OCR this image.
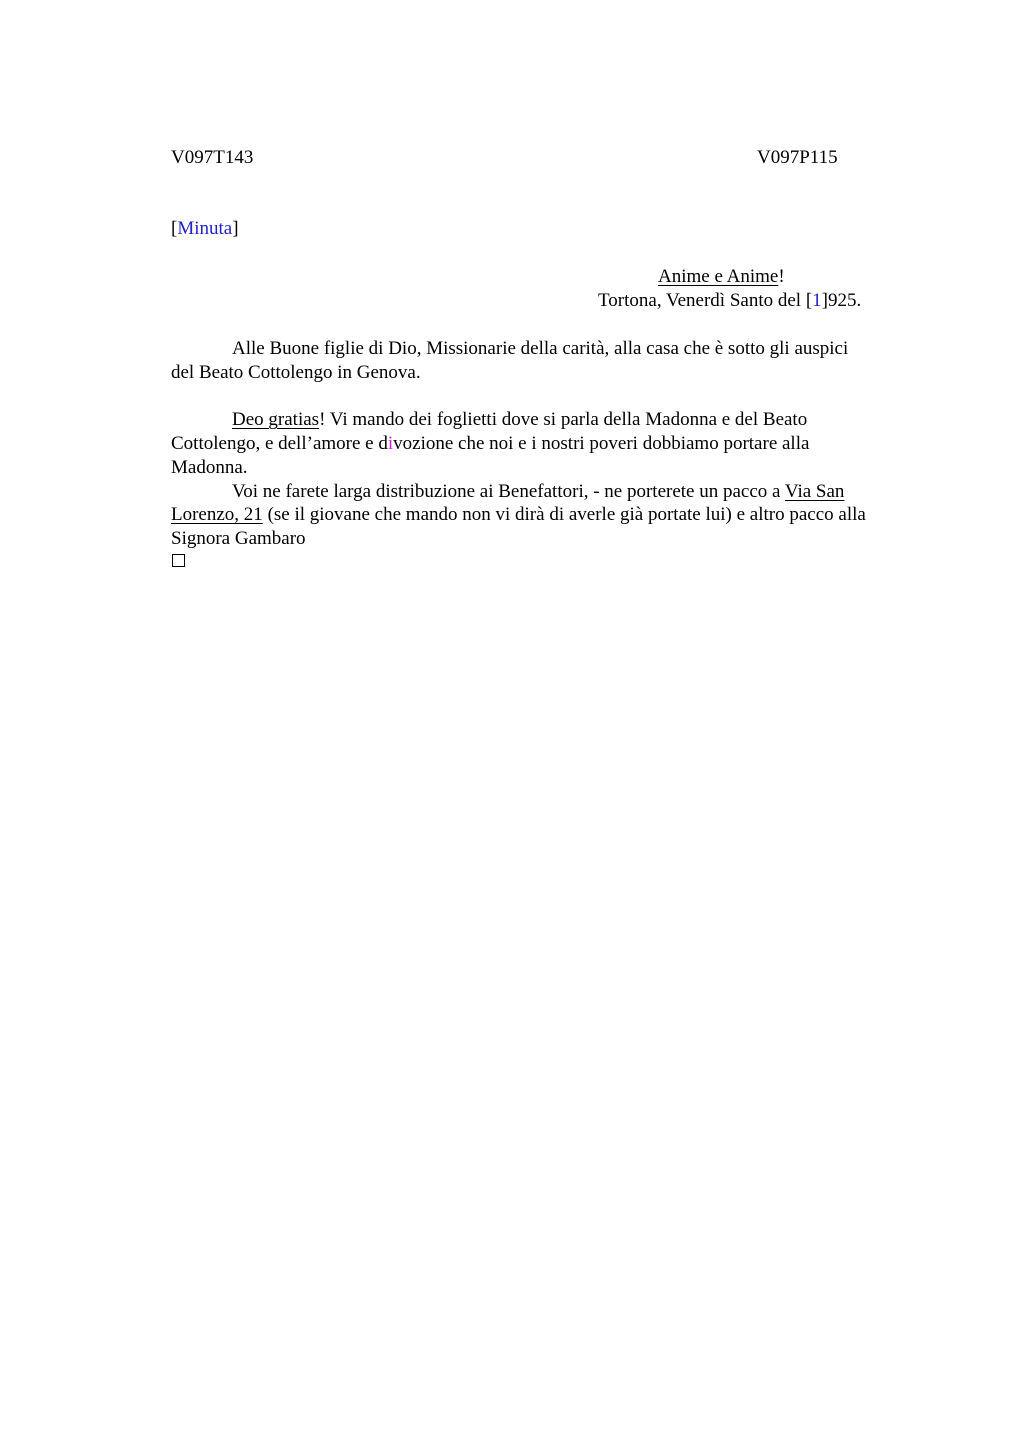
V097T143	V097P115
[Minuta]
Anime e Anime!
Tortona, Venerdì Santo del [1]925.
Alle Buone figlie di Dio, Missionarie della carità, alla casa che è sotto gli auspici
del Beato Cottolengo in Genova.
Deo gratias! Vi mando dei foglietti dove si parla della Madonna e del Beato
Cottolengo, e dell’amore e divozione che noi e i nostri poveri dobbiamo portare alla
Madonna.
Voi ne farete larga distribuzione ai Benefattori, - ne porterete un pacco a Via San
Lorenzo, 21 (se il giovane che mando non vi dirà di averle già portate lui) e altro pacco alla
Signora Gambaro
